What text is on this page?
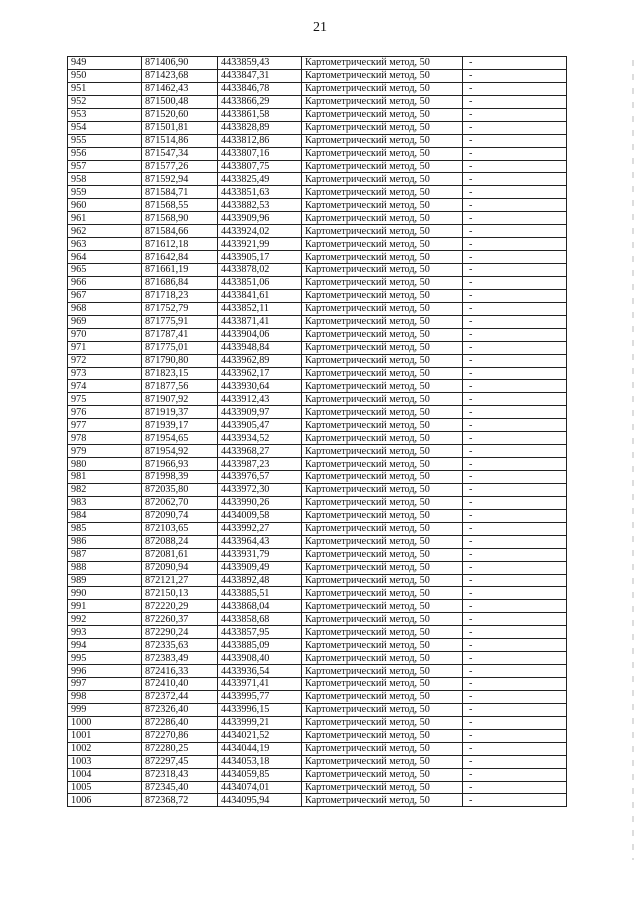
21
949	871406,90	4433859,43	Картометрический метод, 50	-
950	871423,68	4433847,31	Картометрический метод, 50	-
951	871462,43	4433846,78	Картометрический метод, 50	-
952	871500,48	4433866,29	Картометрический метод, 50	-
953	871520,60	4433861,58	Картометрический метод, 50	-
954	871501,81	4433828,89	Картометрический метод, 50	-
955	871514,86	4433812,86	Картометрический метод, 50	-
956	871547,34	4433807,16	Картометрический метод, 50	-
957	871577,26	4433807,75	Картометрический метод, 50	-
958	871592,94	4433825,49	Картометрический метод, 50	-
959	871584,71	4433851,63	Картометрический метод, 50	-
960	871568,55	4433882,53	Картометрический метод, 50	-
961	871568,90	4433909,96	Картометрический метод, 50	-
962	871584,66	4433924,02	Картометрический метод, 50	-
963	871612,18	4433921,99	Картометрический метод, 50	-
964	871642,84	4433905,17	Картометрический метод, 50	-
965	871661,19	4433878,02	Картометрический метод, 50	-
966	871686,84	4433851,06	Картометрический метод, 50	-
967	871718,23	4433841,61	Картометрический метод, 50	-
968	871752,79	4433852,11	Картометрический метод, 50	-
969	871775,91	4433871,41	Картометрический метод, 50	-
970	871787,41	4433904,06	Картометрический метод, 50	-
971	871775,01	4433948,84	Картометрический метод, 50	-
972	871790,80	4433962,89	Картометрический метод, 50	-
973	871823,15	4433962,17	Картометрический метод, 50	-
974	871877,56	4433930,64	Картометрический метод, 50	-
975	871907,92	4433912,43	Картометрический метод, 50	-
976	871919,37	4433909,97	Картометрический метод, 50	-
977	871939,17	4433905,47	Картометрический метод, 50	-
978	871954,65	4433934,52	Картометрический метод, 50	-
979	871954,92	4433968,27	Картометрический метод, 50	-
980	871966,93	4433987,23	Картометрический метод, 50	-
981	871998,39	4433976,57	Картометрический метод, 50	-
982	872035,80	4433972,30	Картометрический метод, 50	-
983	872062,70	4433990,26	Картометрический метод, 50	-
984	872090,74	4434009,58	Картометрический метод, 50	-
985	872103,65	4433992,27	Картометрический метод, 50	-
986	872088,24	4433964,43	Картометрический метод, 50	-
987	872081,61	4433931,79	Картометрический метод, 50	-
988	872090,94	4433909,49	Картометрический метод, 50	-
989	872121,27	4433892,48	Картометрический метод, 50	-
990	872150,13	4433885,51	Картометрический метод, 50	-
991	872220,29	4433868,04	Картометрический метод, 50	-
992	872260,37	4433858,68	Картометрический метод, 50	-
993	872290,24	4433857,95	Картометрический метод, 50	-
994	872335,63	4433885,09	Картометрический метод, 50	-
995	872383,49	4433908,40	Картометрический метод, 50	-
996	872416,33	4433936,54	Картометрический метод, 50	-
997	872410,40	4433971,41	Картометрический метод, 50	-
998	872372,44	4433995,77	Картометрический метод, 50	-
999	872326,40	4433996,15	Картометрический метод, 50	-
1000	872286,40	4433999,21	Картометрический метод, 50	-
1001	872270,86	4434021,52	Картометрический метод, 50	-
1002	872280,25	4434044,19	Картометрический метод, 50	-
1003	872297,45	4434053,18	Картометрический метод, 50	-
1004	872318,43	4434059,85	Картометрический метод, 50	-
1005	872345,40	4434074,01	Картометрический метод, 50	-
1006	872368,72	4434095,94	Картометрический метод, 50	-
